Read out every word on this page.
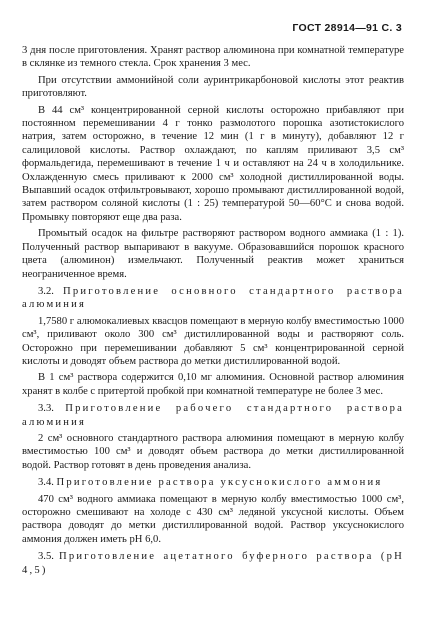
ГОСТ 28914—91 С. 3

3 дня после приготовления. Хранят раствор алюминона при комнатной температуре в склянке из темного стекла. Срок хранения 3 мес.

При отсутствии аммонийной соли ауринтрикарбоновой кислоты этот реактив приготовляют.

В 44 см³ концентрированной серной кислоты осторожно прибавляют при постоянном перемешивании 4 г тонко размолотого порошка азотистокислого натрия, затем осторожно, в течение 12 мин (1 г в минуту), добавляют 12 г салициловой кислоты. Раствор охлаждают, по каплям приливают 3,5 см³ формальдегида, перемешивают в течение 1 ч и оставляют на 24 ч в холодильнике. Охлажденную смесь приливают к 2000 см³ холодной дистиллированной воды. Выпавший осадок отфильтровывают, хорошо промывают дистиллированной водой, затем раствором соляной кислоты (1 : 25) температурой 50—60°С и снова водой. Промывку повторяют еще два раза.

Промытый осадок на фильтре растворяют раствором водного аммиака (1 : 1). Полученный раствор выпаривают в вакууме. Образовавшийся порошок красного цвета (алюминон) измельчают. Полученный реактив может храниться неограниченное время.

3.2. Приготовление основного стандартного раствора алюминия

1,7580 г алюмокалиевых квасцов помещают в мерную колбу вместимостью 1000 см³, приливают около 300 см³ дистиллированной воды и растворяют соль. Осторожно при перемешивании добавляют 5 см³ концентрированной серной кислоты и доводят объем раствора до метки дистиллированной водой.

В 1 см³ раствора содержится 0,10 мг алюминия. Основной раствор алюминия хранят в колбе с притертой пробкой при комнатной температуре не более 3 мес.

3.3. Приготовление рабочего стандартного раствора алюминия

2 см³ основного стандартного раствора алюминия помещают в мерную колбу вместимостью 100 см³ и доводят объем раствора до метки дистиллированной водой. Раствор готовят в день проведения анализа.

3.4. Приготовление раствора уксуснокислого аммония

470 см³ водного аммиака помещают в мерную колбу вместимостью 1000 см³, осторожно смешивают на холоде с 430 см³ ледяной уксусной кислоты. Объем раствора доводят до метки дистиллированной водой. Раствор уксуснокислого аммония должен иметь pH 6,0.

3.5. Приготовление ацетатного буферного раствора (pH 4,5)
